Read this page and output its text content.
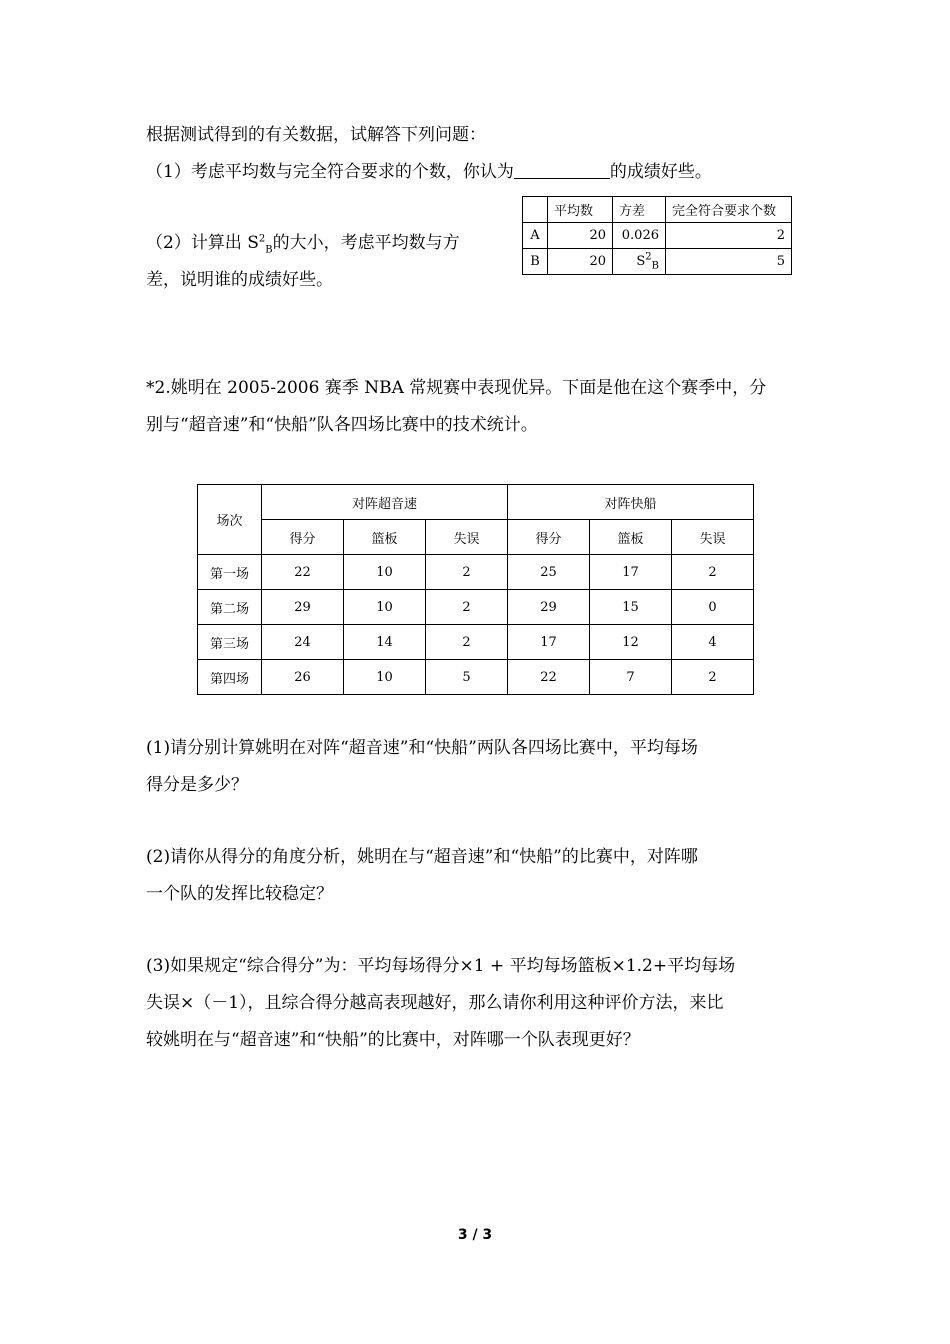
根据测试得到的有关数据，试解答下列问题：
（1）考虑平均数与完全符合要求的个数，你认为	的成绩好些。
（2）计算出 $S^2_B$的大小，考虑平均数与方
差，说明谁的成绩好些。
	平均数	方差	完全符合要求个数
A	20	0.026	2
B	20	$S^2_B$	5
*2.姚明在 2005-2006 赛季 NBA 常规赛中表现优异。下面是他在这个赛季中，分
别与“超音速”和“快船”队各四场比赛中的技术统计。
场次	对阵超音速			对阵快船		
	得分	篮板	失误	得分	篮板	失误
第一场	22	10	2	25	17	2
第二场	29	10	2	29	15	0
第三场	24	14	2	17	12	4
第四场	26	10	5	22	7	2
(1)请分别计算姚明在对阵“超音速”和“快船”两队各四场比赛中，平均每场
得分是多少？
(2)请你从得分的角度分析，姚明在与“超音速”和“快船”的比赛中，对阵哪
一个队的发挥比较稳定？
(3)如果规定“综合得分”为：平均每场得分×1 + 平均每场篮板×1.2+平均每场
失误×（－1），且综合得分越高表现越好，那么请你利用这种评价方法，来比
较姚明在与“超音速”和“快船”的比赛中，对阵哪一个队表现更好？
3 / 3
